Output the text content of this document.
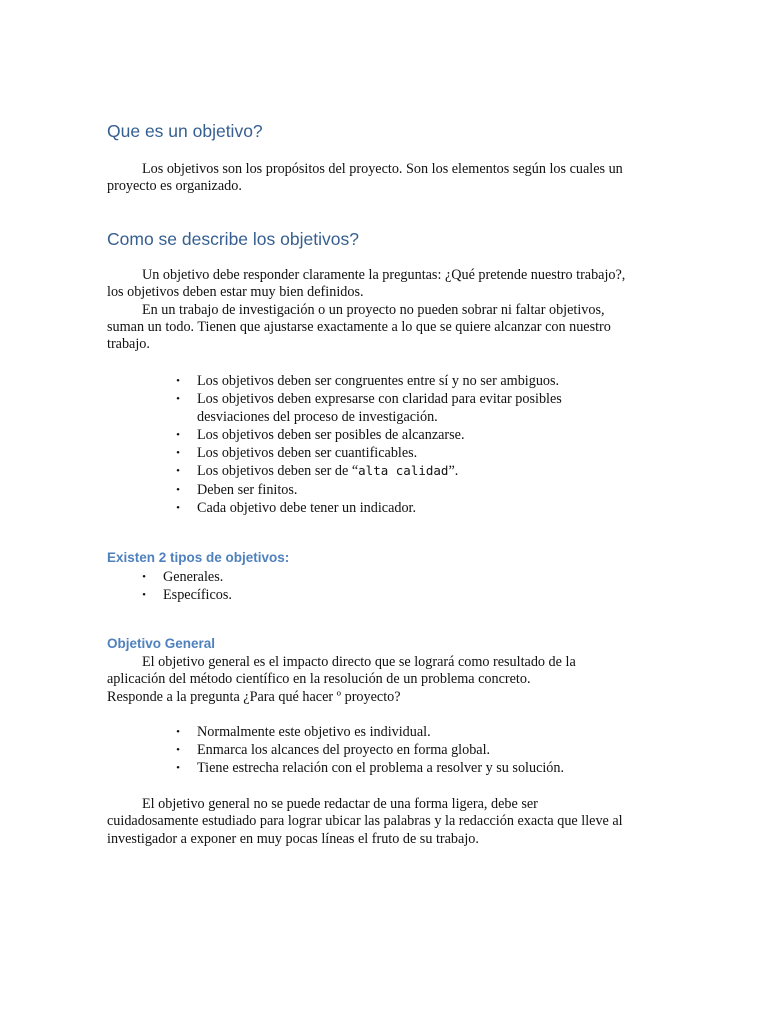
Que es un objetivo?

Los objetivos son los propósitos del proyecto. Son los elementos según los cuales un
proyecto es organizado.

Como se describe los objetivos?

Un objetivo debe responder claramente la preguntas: ¿Qué pretende nuestro trabajo?,
los objetivos deben estar muy bien definidos.
En un trabajo de investigación o un proyecto no pueden sobrar ni faltar objetivos,
suman un todo. Tienen que ajustarse exactamente a lo que se quiere alcanzar con nuestro
trabajo.

• Los objetivos deben ser congruentes entre sí y no ser ambiguos.
• Los objetivos deben expresarse con claridad para evitar posibles
desviaciones del proceso de investigación.
• Los objetivos deben ser posibles de alcanzarse.
• Los objetivos deben ser cuantificables.
• Los objetivos deben ser de “alta calidad”.
• Deben ser finitos.
• Cada objetivo debe tener un indicador.
Existen 2 tipos de objetivos:
• Generales.
• Específicos.
Objetivo General

El objetivo general es el impacto directo que se logrará como resultado de la
aplicación del método científico en la resolución de un problema concreto.
Responde a la pregunta ¿Para qué hacer º proyecto?

• Normalmente este objetivo es individual.
• Enmarca los alcances del proyecto en forma global.
• Tiene estrecha relación con el problema a resolver y su solución.

El objetivo general no se puede redactar de una forma ligera, debe ser
cuidadosamente estudiado para lograr ubicar las palabras y la redacción exacta que lleve al
investigador a exponer en muy pocas líneas el fruto de su trabajo.
